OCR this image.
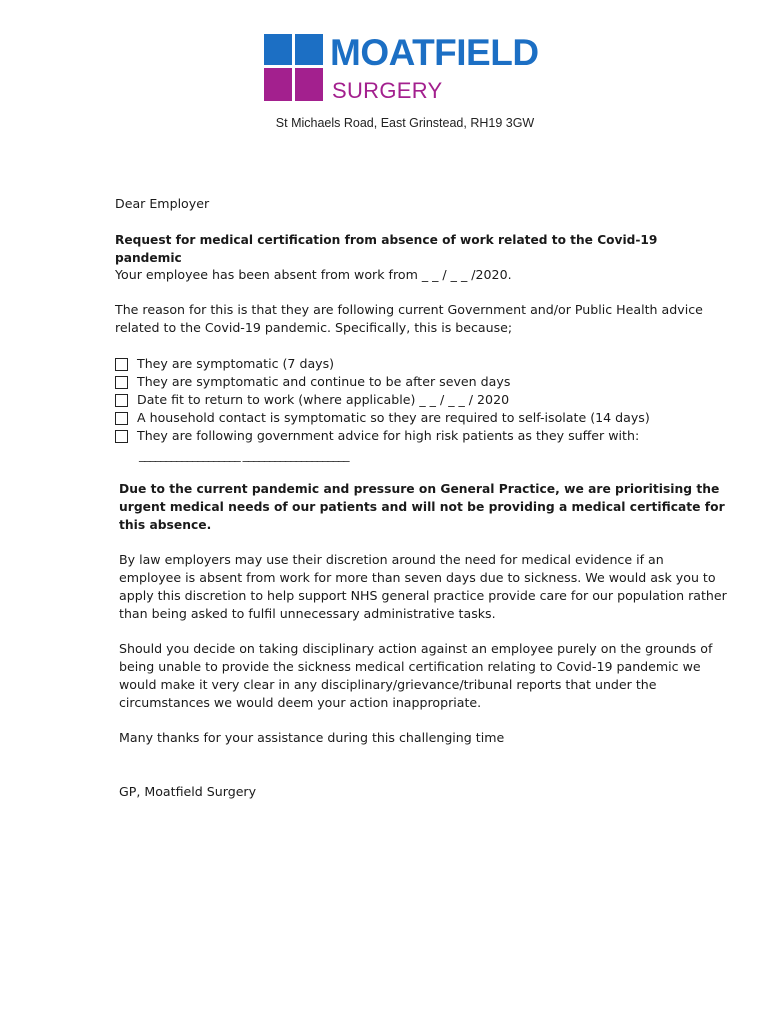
MOATFIELD
SURGERY
St Michaels Road, East Grinstead, RH19 3GW

Dear Employer

Request for medical certification from absence of work related to the Covid-19 pandemic

Your employee has been absent from work from _ _ / _ _ /2020.

The reason for this is that they are following current Government and/or Public Health advice related to the Covid-19 pandemic. Specifically, this is because;

They are symptomatic (7 days)
They are symptomatic and continue to be after seven days
Date fit to return to work (where applicable) _ _ / _ _ / 2020
A household contact is symptomatic so they are required to self-isolate (14 days)
They are following government advice for high risk patients as they suffer with:
___________________ ____________________

Due to the current pandemic and pressure on General Practice, we are prioritising the urgent medical needs of our patients and will not be providing a medical certificate for this absence.

By law employers may use their discretion around the need for medical evidence if an employee is absent from work for more than seven days due to sickness. We would ask you to apply this discretion to help support NHS general practice provide care for our population rather than being asked to fulfil unnecessary administrative tasks.

Should you decide on taking disciplinary action against an employee purely on the grounds of being unable to provide the sickness medical certification relating to Covid-19 pandemic we would make it very clear in any disciplinary/grievance/tribunal reports that under the circumstances we would deem your action inappropriate.

Many thanks for your assistance during this challenging time

GP, Moatfield Surgery
